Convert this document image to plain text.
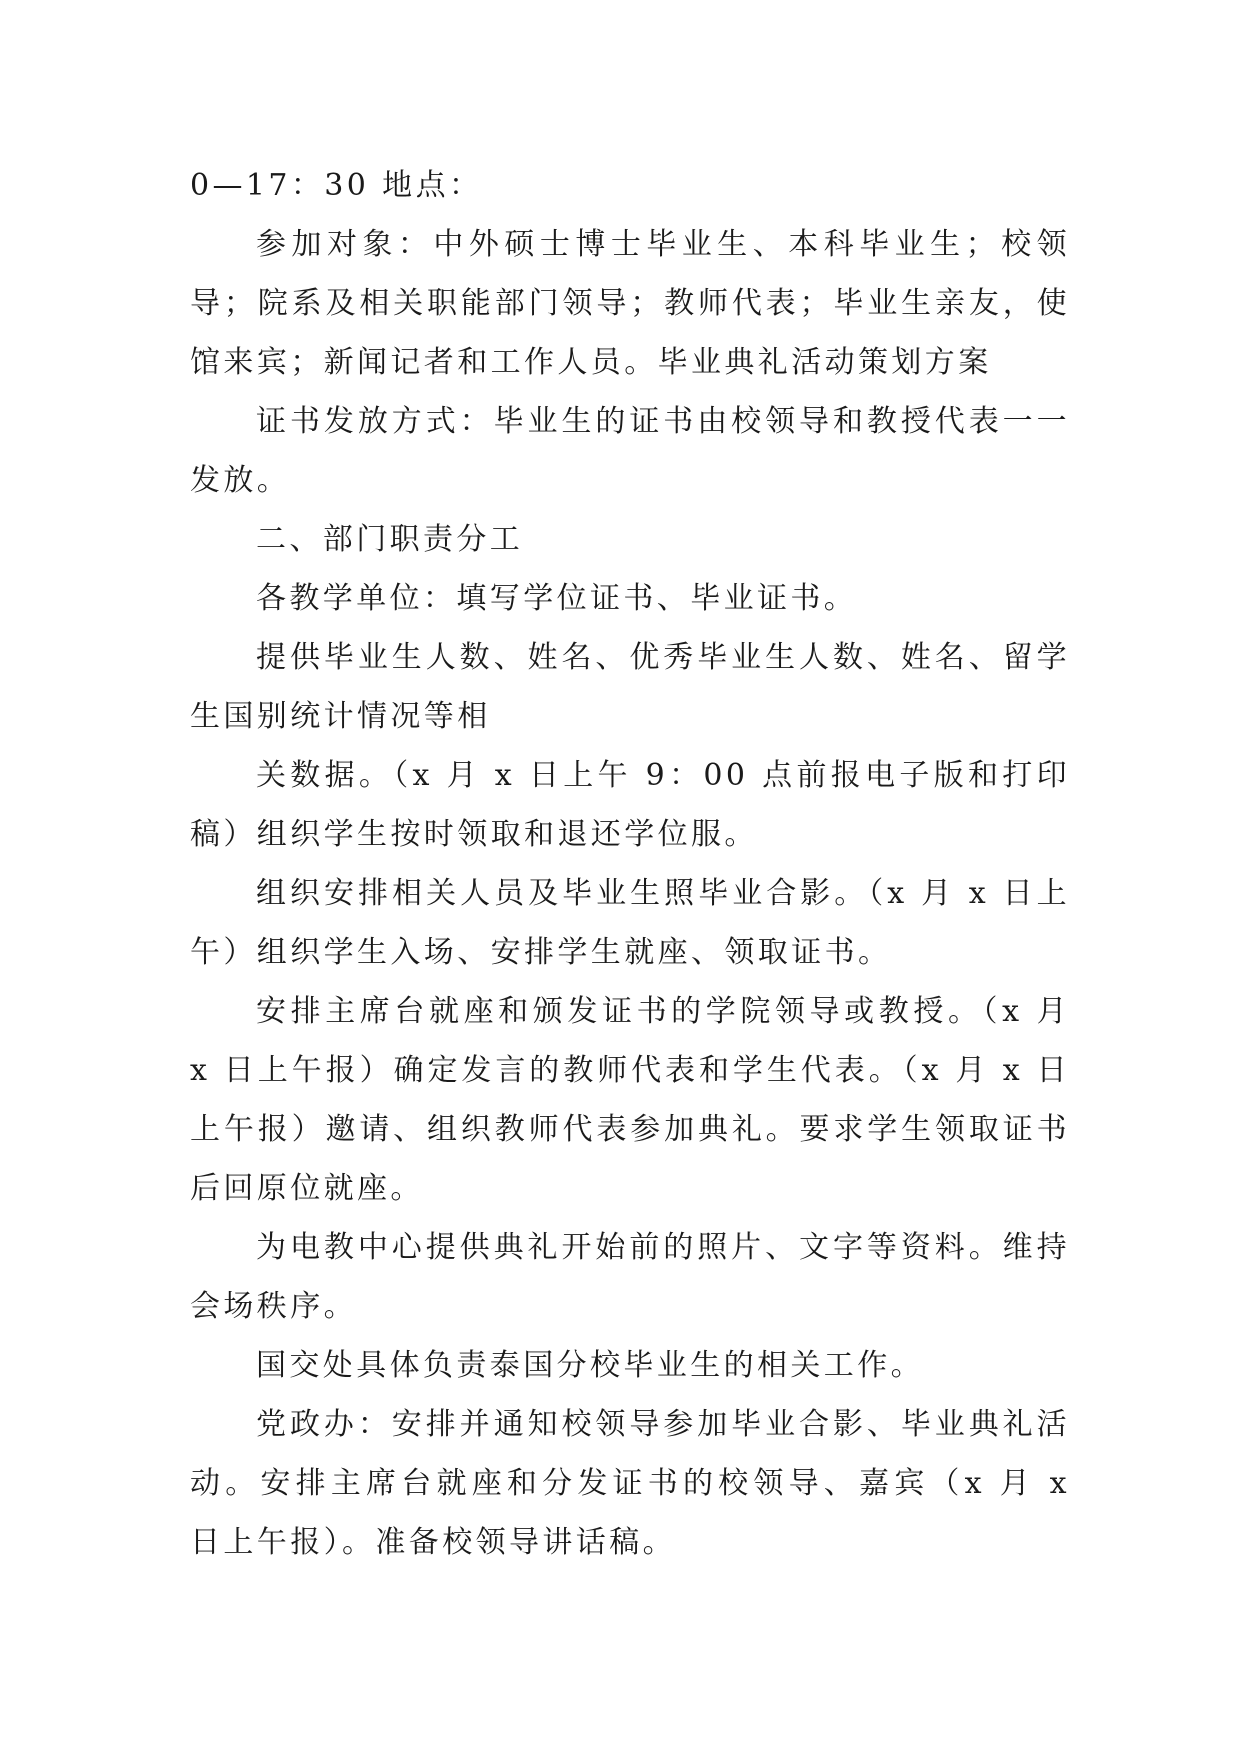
0—17：30 地点：

参加对象：中外硕士博士毕业生、本科毕业生；校领导；院系及相关职能部门领导；教师代表；毕业生亲友，使馆来宾；新闻记者和工作人员。毕业典礼活动策划方案

证书发放方式：毕业生的证书由校领导和教授代表一一发放。

二、部门职责分工

各教学单位：填写学位证书、毕业证书。

提供毕业生人数、姓名、优秀毕业生人数、姓名、留学生国别统计情况等相

关数据。（x 月 x 日上午 9：00 点前报电子版和打印稿）组织学生按时领取和退还学位服。

组织安排相关人员及毕业生照毕业合影。（x 月 x 日上午）组织学生入场、安排学生就座、领取证书。

安排主席台就座和颁发证书的学院领导或教授。（x 月 x 日上午报）确定发言的教师代表和学生代表。（x 月 x 日上午报）邀请、组织教师代表参加典礼。要求学生领取证书后回原位就座。

为电教中心提供典礼开始前的照片、文字等资料。维持会场秩序。

国交处具体负责泰国分校毕业生的相关工作。

党政办：安排并通知校领导参加毕业合影、毕业典礼活动。安排主席台就座和分发证书的校领导、嘉宾（x 月 x 日上午报）。准备校领导讲话稿。
